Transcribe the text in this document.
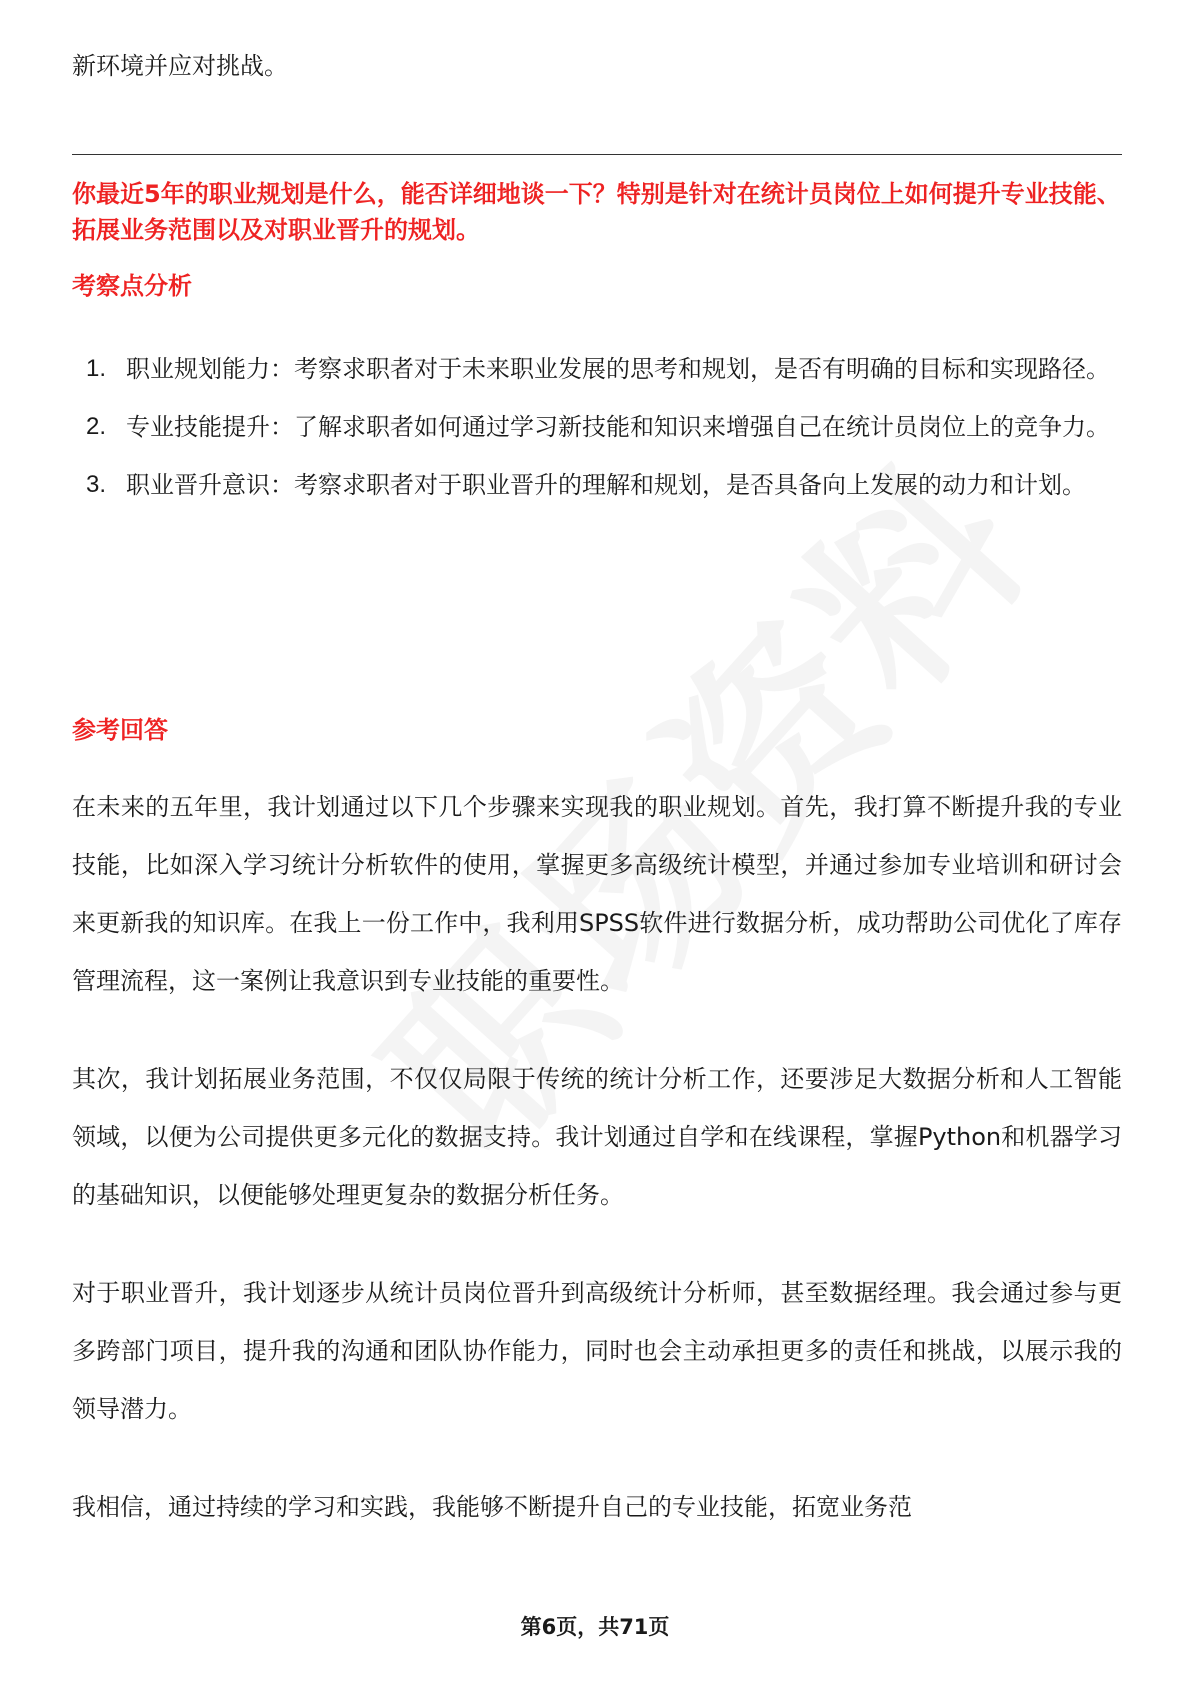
新环境并应对挑战。

你最近5年的职业规划是什么，能否详细地谈一下？特别是针对在统计员岗位上如何提升专业技能、拓展业务范围以及对职业晋升的规划。

考察点分析
1. 职业规划能力：考察求职者对于未来职业发展的思考和规划，是否有明确的目标和实现路径。
2. 专业技能提升：了解求职者如何通过学习新技能和知识来增强自己在统计员岗位上的竞争力。
3. 职业晋升意识：考察求职者对于职业晋升的理解和规划，是否具备向上发展的动力和计划。
参考回答

在未来的五年里，我计划通过以下几个步骤来实现我的职业规划。首先，我打算不断提升我的专业技能，比如深入学习统计分析软件的使用，掌握更多高级统计模型，并通过参加专业培训和研讨会来更新我的知识库。在我上一份工作中，我利用SPSS软件进行数据分析，成功帮助公司优化了库存管理流程，这一案例让我意识到专业技能的重要性。

其次，我计划拓展业务范围，不仅仅局限于传统的统计分析工作，还要涉足大数据分析和人工智能领域，以便为公司提供更多元化的数据支持。我计划通过自学和在线课程，掌握Python和机器学习的基础知识，以便能够处理更复杂的数据分析任务。

对于职业晋升，我计划逐步从统计员岗位晋升到高级统计分析师，甚至数据经理。我会通过参与更多跨部门项目，提升我的沟通和团队协作能力，同时也会主动承担更多的责任和挑战，以展示我的领导潜力。

我相信，通过持续的学习和实践，我能够不断提升自己的专业技能，拓宽业务范

第6页，共71页
